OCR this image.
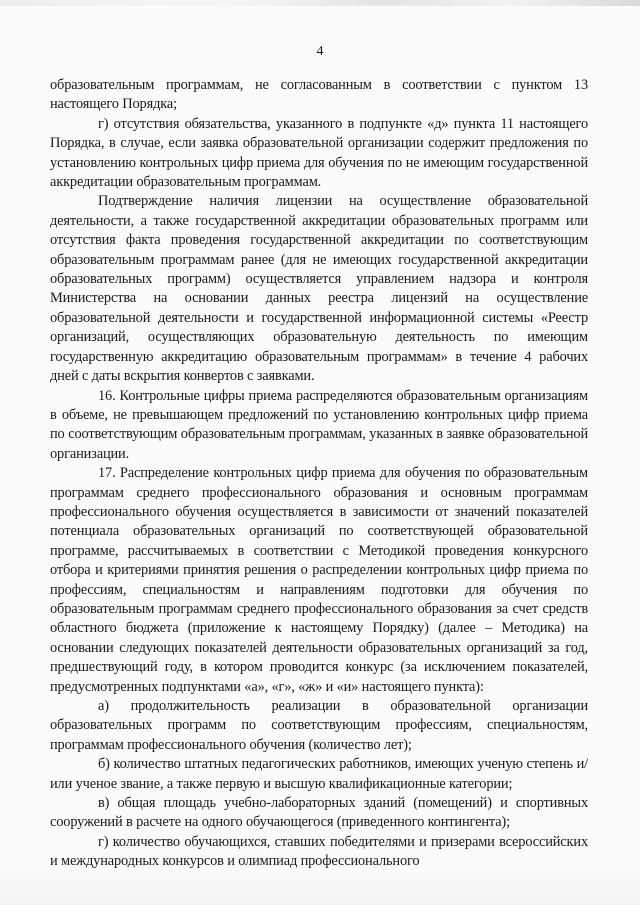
4

образовательным программам, не согласованным в соответствии с пунктом 13 настоящего Порядка;

г) отсутствия обязательства, указанного в подпункте «д» пункта 11 настоящего Порядка, в случае, если заявка образовательной организации содержит предложения по установлению контрольных цифр приема для обучения по не имеющим государственной аккредитации образовательным программам.

Подтверждение наличия лицензии на осуществление образовательной деятельности, а также государственной аккредитации образовательных программ или отсутствия факта проведения государственной аккредитации по соответствующим образовательным программам ранее (для не имеющих государственной аккредитации образовательных программ) осуществляется управлением надзора и контроля Министерства на основании данных реестра лицензий на осуществление образовательной деятельности и государственной информационной системы «Реестр организаций, осуществляющих образовательную деятельность по имеющим государственную аккредитацию образовательным программам» в течение 4 рабочих дней с даты вскрытия конвертов с заявками.

16. Контрольные цифры приема распределяются образовательным организациям в объеме, не превышающем предложений по установлению контрольных цифр приема по соответствующим образовательным программам, указанных в заявке образовательной организации.

17. Распределение контрольных цифр приема для обучения по образовательным программам среднего профессионального образования и основным программам профессионального обучения осуществляется в зависимости от значений показателей потенциала образовательных организаций по соответствующей образовательной программе, рассчитываемых в соответствии с Методикой проведения конкурсного отбора и критериями принятия решения о распределении контрольных цифр приема по профессиям, специальностям и направлениям подготовки для обучения по образовательным программам среднего профессионального образования за счет средств областного бюджета (приложение к настоящему Порядку) (далее – Методика) на основании следующих показателей деятельности образовательных организаций за год, предшествующий году, в котором проводится конкурс (за исключением показателей, предусмотренных подпунктами «а», «г», «ж» и «и» настоящего пункта):

а) продолжительность реализации в образовательной организации образовательных программ по соответствующим профессиям, специальностям, программам профессионального обучения (количество лет);

б) количество штатных педагогических работников, имеющих ученую степень и/или ученое звание, а также первую и высшую квалификационные категории;

в) общая площадь учебно-лабораторных зданий (помещений) и спортивных сооружений в расчете на одного обучающегося (приведенного контингента);

г) количество обучающихся, ставших победителями и призерами всероссийских и международных конкурсов и олимпиад профессионального
